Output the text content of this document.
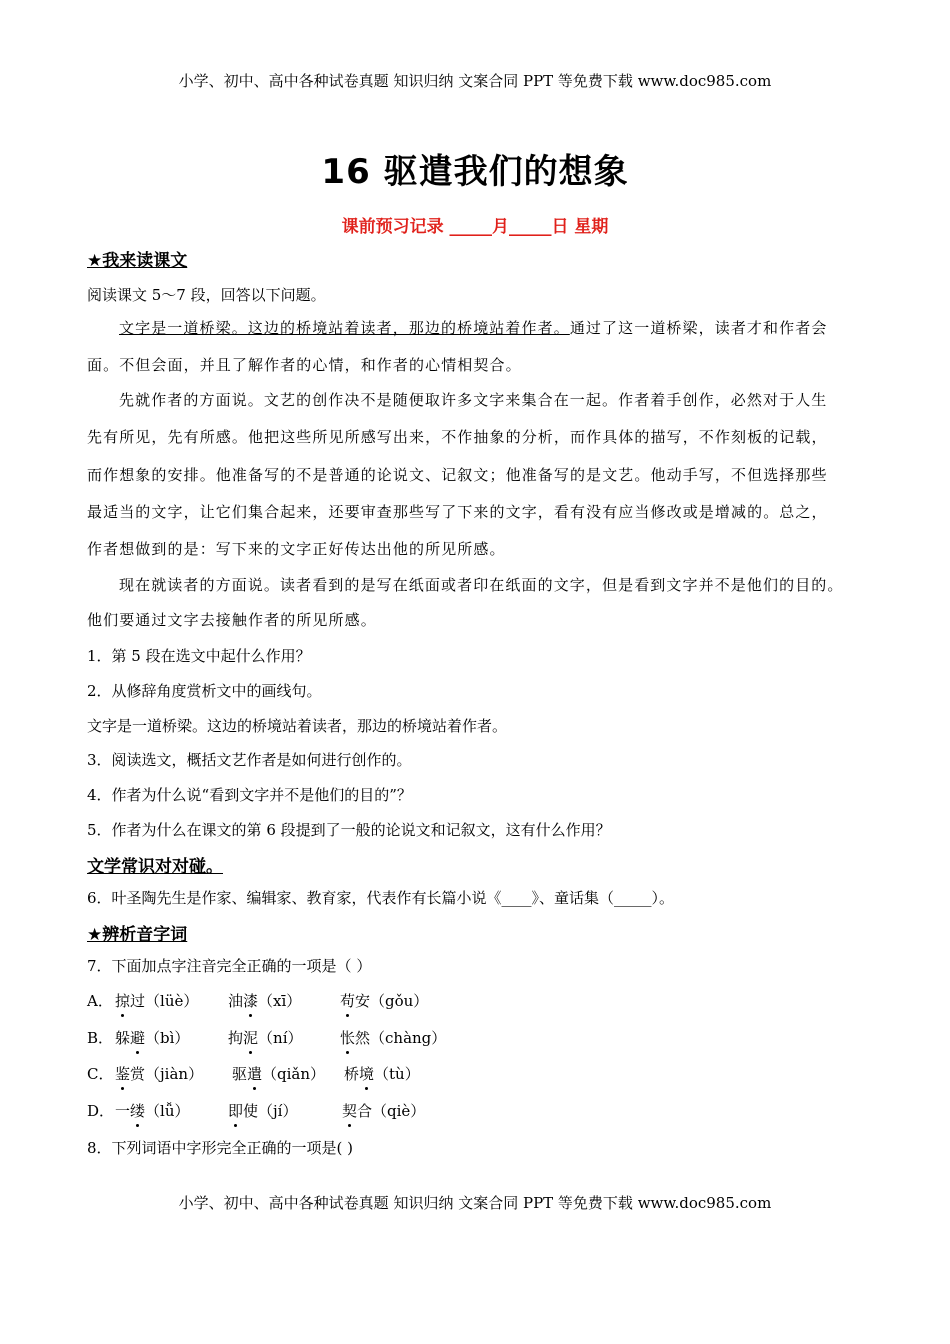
小学、初中、高中各种试卷真题 知识归纳 文案合同 PPT 等免费下载 www.doc985.com
16 驱遣我们的想象
课前预习记录 _____月_____日 星期
★我来读课文
阅读课文 5～7 段，回答以下问题。
文字是一道桥梁。这边的桥境站着读者，那边的桥境站着作者。通过了这一道桥梁，读者才和作者会
面。不但会面，并且了解作者的心情，和作者的心情相契合。
先就作者的方面说。文艺的创作决不是随便取许多文字来集合在一起。作者着手创作，必然对于人生
先有所见，先有所感。他把这些所见所感写出来，不作抽象的分析，而作具体的描写，不作刻板的记载，
而作想象的安排。他准备写的不是普通的论说文、记叙文；他准备写的是文艺。他动手写，不但选择那些
最适当的文字，让它们集合起来，还要审查那些写了下来的文字，看有没有应当修改或是增减的。总之，
作者想做到的是：写下来的文字正好传达出他的所见所感。
现在就读者的方面说。读者看到的是写在纸面或者印在纸面的文字，但是看到文字并不是他们的目的。
他们要通过文字去接触作者的所见所感。
1．第 5 段在选文中起什么作用？
2．从修辞角度赏析文中的画线句。
文字是一道桥梁。这边的桥境站着读者，那边的桥境站着作者。
3．阅读选文，概括文艺作者是如何进行创作的。
4．作者为什么说“看到文字并不是他们的目的”？
5．作者为什么在课文的第 6 段提到了一般的论说文和记叙文，这有什么作用？
文学常识对对碰。
6．叶圣陶先生是作家、编辑家、教育家，代表作有长篇小说《____》、童话集（_____）。
★辨析音字词
7．下面加点字注音完全正确的一项是（ ）
A． 掠过（lüè） 油漆（xī）	苟安（gǒu）
B． 躲避（bì）	拘泥（ní）	怅然（chàng）
C． 鉴赏（jiàn） 驱遣（qiǎn） 桥境（tù）
D． 一缕（lǚ）	即使（jí）	契合（qiè）
8．下列词语中字形完全正确的一项是( )
小学、初中、高中各种试卷真题 知识归纳 文案合同 PPT 等免费下载 www.doc985.com
